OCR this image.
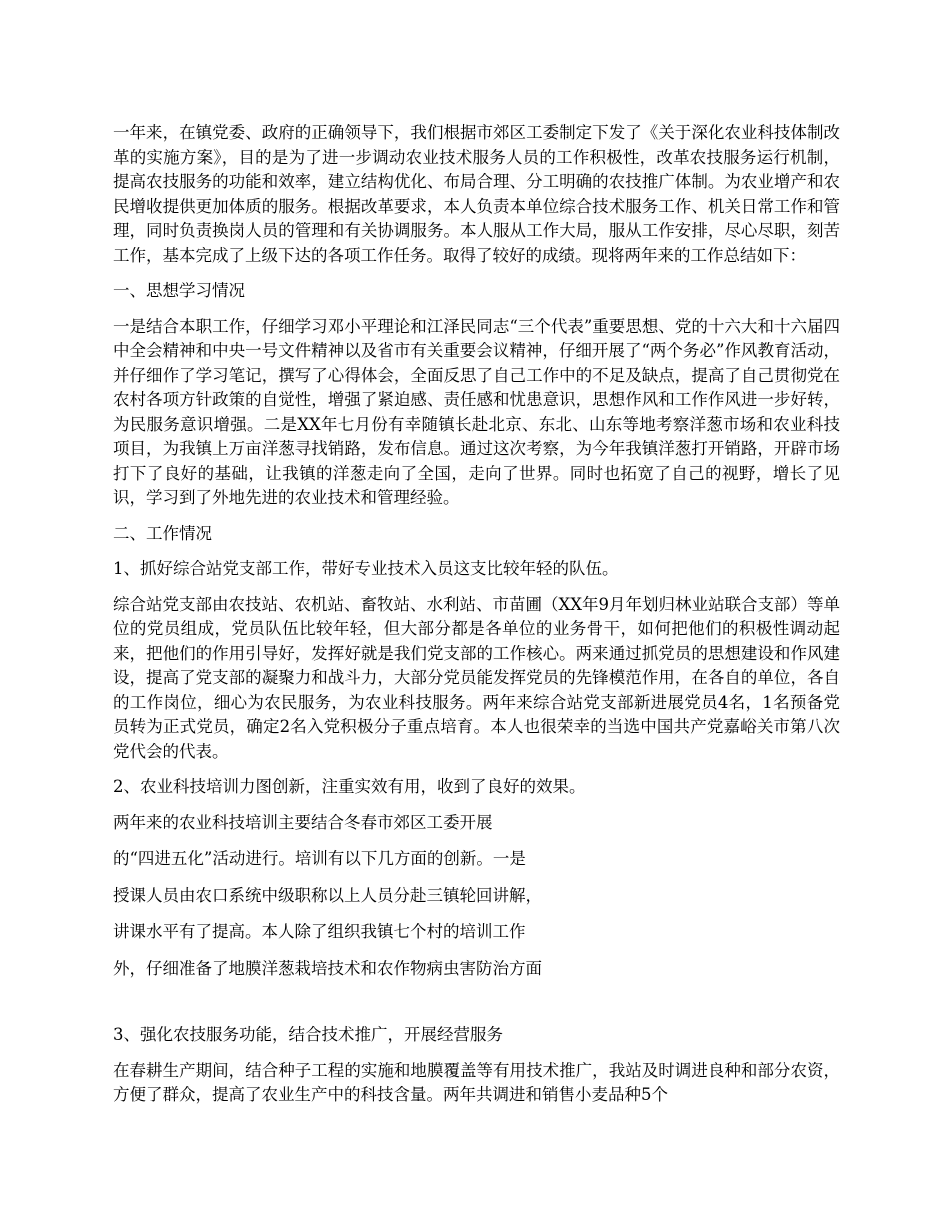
一年来，在镇党委、政府的正确领导下，我们根据市郊区工委制定下发了《关于深化农业科技体制改革的实施方案》，目的是为了进一步调动农业技术服务人员的工作积极性，改革农技服务运行机制，提高农技服务的功能和效率，建立结构优化、布局合理、分工明确的农技推广体制。为农业增产和农民增收提供更加体质的服务。根据改革要求，本人负责本单位综合技术服务工作、机关日常工作和管理，同时负责换岗人员的管理和有关协调服务。本人服从工作大局，服从工作安排，尽心尽职，刻苦工作，基本完成了上级下达的各项工作任务。取得了较好的成绩。现将两年来的工作总结如下：

一、思想学习情况

一是结合本职工作，仔细学习邓小平理论和江泽民同志“三个代表”重要思想、党的十六大和十六届四中全会精神和中央一号文件精神以及省市有关重要会议精神，仔细开展了“两个务必”作风教育活动，并仔细作了学习笔记，撰写了心得体会，全面反思了自己工作中的不足及缺点，提高了自己贯彻党在农村各项方针政策的自觉性，增强了紧迫感、责任感和忧患意识，思想作风和工作作风进一步好转，为民服务意识增强。二是XX年七月份有幸随镇长赴北京、东北、山东等地考察洋葱市场和农业科技项目，为我镇上万亩洋葱寻找销路，发布信息。通过这次考察，为今年我镇洋葱打开销路，开辟市场打下了良好的基础，让我镇的洋葱走向了全国，走向了世界。同时也拓宽了自己的视野，增长了见识，学习到了外地先进的农业技术和管理经验。

二、工作情况

1、抓好综合站党支部工作，带好专业技术入员这支比较年轻的队伍。

综合站党支部由农技站、农机站、畜牧站、水利站、市苗圃（XX年9月年划归林业站联合支部）等单位的党员组成，党员队伍比较年轻，但大部分都是各单位的业务骨干，如何把他们的积极性调动起来，把他们的作用引导好，发挥好就是我们党支部的工作核心。两来通过抓党员的思想建设和作风建设，提高了党支部的凝聚力和战斗力，大部分党员能发挥党员的先锋模范作用，在各自的单位，各自的工作岗位，细心为农民服务，为农业科技服务。两年来综合站党支部新进展党员4名，1名预备党员转为正式党员，确定2名入党积极分子重点培育。本人也很荣幸的当选中国共产党嘉峪关市第八次党代会的代表。

2、农业科技培训力图创新，注重实效有用，收到了良好的效果。

两年来的农业科技培训主要结合冬春市郊区工委开展

的“四进五化”活动进行。培训有以下几方面的创新。一是

授课人员由农口系统中级职称以上人员分赴三镇轮回讲解，

讲课水平有了提高。本人除了组织我镇七个村的培训工作

外，仔细准备了地膜洋葱栽培技术和农作物病虫害防治方面

3、强化农技服务功能，结合技术推广，开展经营服务

在春耕生产期间，结合种子工程的实施和地膜覆盖等有用技术推广，我站及时调进良种和部分农资，方便了群众，提高了农业生产中的科技含量。两年共调进和销售小麦品种5个
